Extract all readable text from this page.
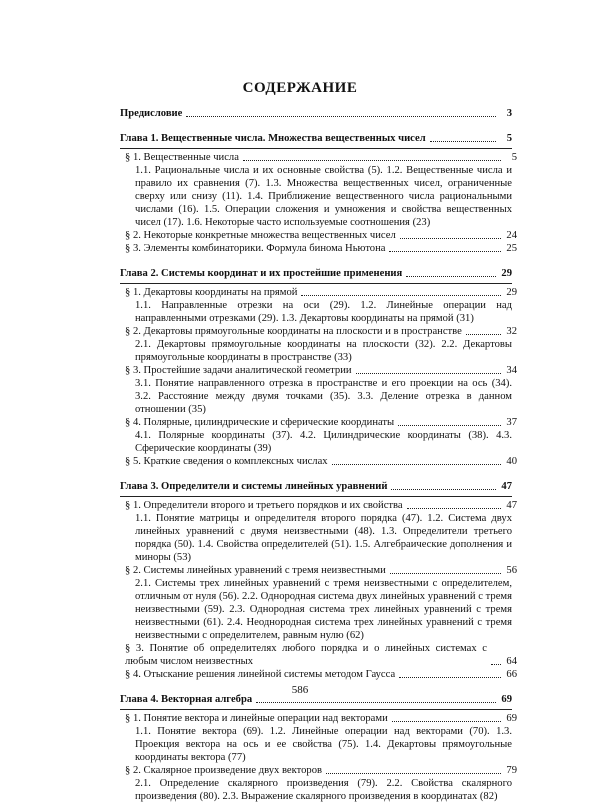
СОДЕРЖАНИЕ
Предисловие	3
Глава 1. Вещественные числа. Множества вещественных чисел	5
§ 1. Вещественные числа	5
1.1. Рациональные числа и их основные свойства (5). 1.2. Вещественные числа и правило их сравнения (7). 1.3. Множества вещественных чисел, ограниченные сверху или снизу (11). 1.4. Приближение вещественного числа рациональными числами (16). 1.5. Операции сложения и умножения и свойства вещественных чисел (17). 1.6. Некоторые часто используемые соотношения (23)
§ 2. Некоторые конкретные множества вещественных чисел	24
§ 3. Элементы комбинаторики. Формула бинома Ньютона	25
Глава 2. Системы координат и их простейшие применения	29
§ 1. Декартовы координаты на прямой	29
1.1. Направленные отрезки на оси (29). 1.2. Линейные операции над направленными отрезками (29). 1.3. Декартовы координаты на прямой (31)
§ 2. Декартовы прямоугольные координаты на плоскости и в пространстве	32
2.1. Декартовы прямоугольные координаты на плоскости (32). 2.2. Декартовы прямоугольные координаты в пространстве (33)
§ 3. Простейшие задачи аналитической геометрии	34
3.1. Понятие направленного отрезка в пространстве и его проекции на ось (34). 3.2. Расстояние между двумя точками (35). 3.3. Деление отрезка в данном отношении (35)
§ 4. Полярные, цилиндрические и сферические координаты	37
4.1. Полярные координаты (37). 4.2. Цилиндрические координаты (38). 4.3. Сферические координаты (39)
§ 5. Краткие сведения о комплексных числах	40
Глава 3. Определители и системы линейных уравнений	47
§ 1. Определители второго и третьего порядков и их свойства	47
1.1. Понятие матрицы и определителя второго порядка (47). 1.2. Система двух линейных уравнений с двумя неизвестными (48). 1.3. Определители третьего порядка (50). 1.4. Свойства определителей (51). 1.5. Алгебраические дополнения и миноры (53)
§ 2. Системы линейных уравнений с тремя неизвестными	56
2.1. Системы трех линейных уравнений с тремя неизвестными с определителем, отличным от нуля (56). 2.2. Однородная система двух линейных уравнений с тремя неизвестными (59). 2.3. Однородная система трех линейных уравнений с тремя неизвестными (61). 2.4. Неоднородная система трех линейных уравнений с тремя неизвестными с определителем, равным нулю (62)
§ 3. Понятие об определителях любого порядка и о линейных системах с любым числом неизвестных	64
§ 4. Отыскание решения линейной системы методом Гаусса	66
Глава 4. Векторная алгебра	69
§ 1. Понятие вектора и линейные операции над векторами	69
1.1. Понятие вектора (69). 1.2. Линейные операции над векторами (70). 1.3. Проекция вектора на ось и ее свойства (75). 1.4. Декартовы прямоугольные координаты вектора (77)
§ 2. Скалярное произведение двух векторов	79
2.1. Определение скалярного произведения (79). 2.2. Свойства скалярного произведения (80). 2.3. Выражение скалярного произведения в координатах (82)
586
